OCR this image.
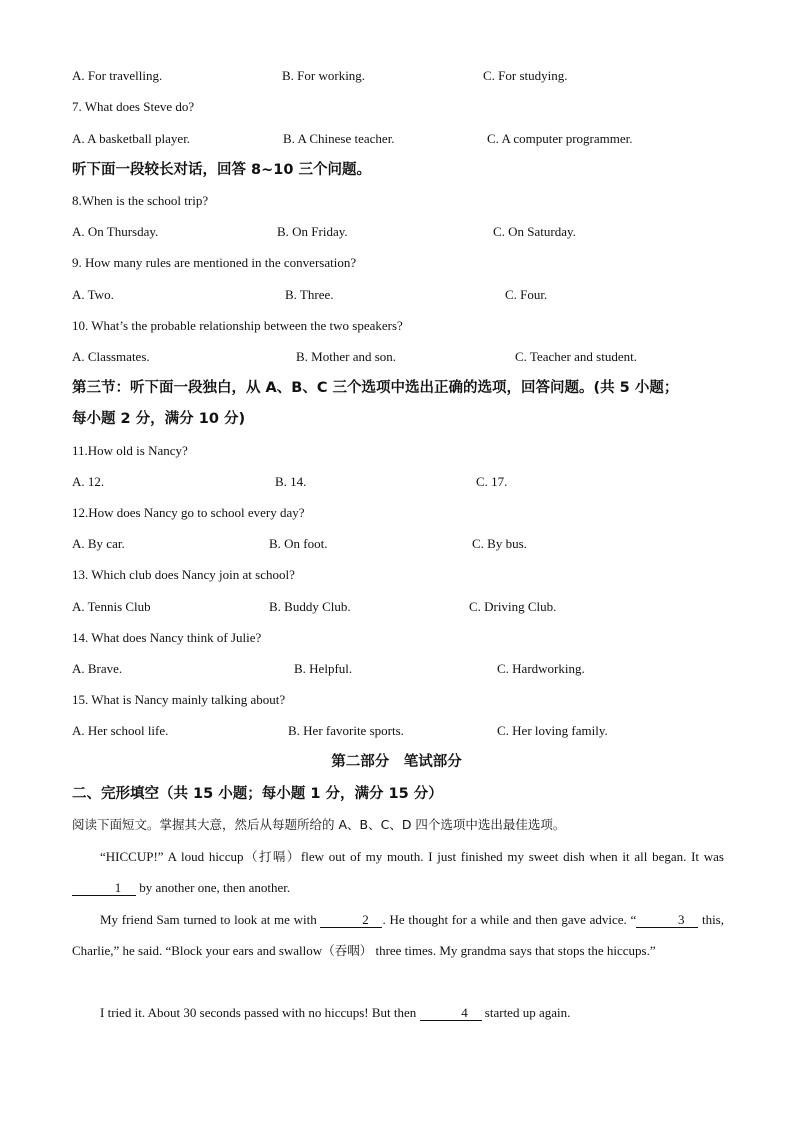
A. For travelling.	B. For working.	C. For studying.
7. What does Steve do?
A. A basketball player.	B. A Chinese teacher.	C. A computer programmer.
听下面一段较长对话，回答 8~10 三个问题。
8.When is the school trip?
A. On Thursday.	B. On Friday.	C. On Saturday.
9. How many rules are mentioned in the conversation?
A. Two.	B. Three.	C. Four.
10. What’s the probable relationship between the two speakers?
A. Classmates.	B. Mother and son.	C. Teacher and student.
第三节：听下面一段独白，从 A、B、C 三个选项中选出正确的选项，回答问题。(共 5 小题；
每小题 2 分，满分 10 分)
11.How old is Nancy?
A. 12.	B. 14.	C. 17.
12.How does Nancy go to school every day?
A. By car.	B. On foot.	C. By bus.
13. Which club does Nancy join at school?
A. Tennis Club	B. Buddy Club.	C. Driving Club.
14. What does Nancy think of Julie?
A. Brave.	B. Helpful.	C. Hardworking.
15. What is Nancy mainly talking about?
A. Her school life.	B. Her favorite sports.	C. Her loving family.
第二部分　笔试部分
二、完形填空（共 15 小题；每小题 1 分，满分 15 分）
阅读下面短文。掌握其大意，然后从每题所给的 A、B、C、D 四个选项中选出最佳选项。
“HICCUP!” A loud hiccup（打嗝）flew out of my mouth. I just finished my sweet dish when it all began. It was 1 by another one, then another.
My friend Sam turned to look at me with	2 . He thought for a while and then gave advice. “	3 this, Charlie,” he said. “Block your ears and swallow（吞咽） three times. My grandma says that stops the hiccups.”
I tried it. About 30 seconds passed with no hiccups! But then	4 started up again.
